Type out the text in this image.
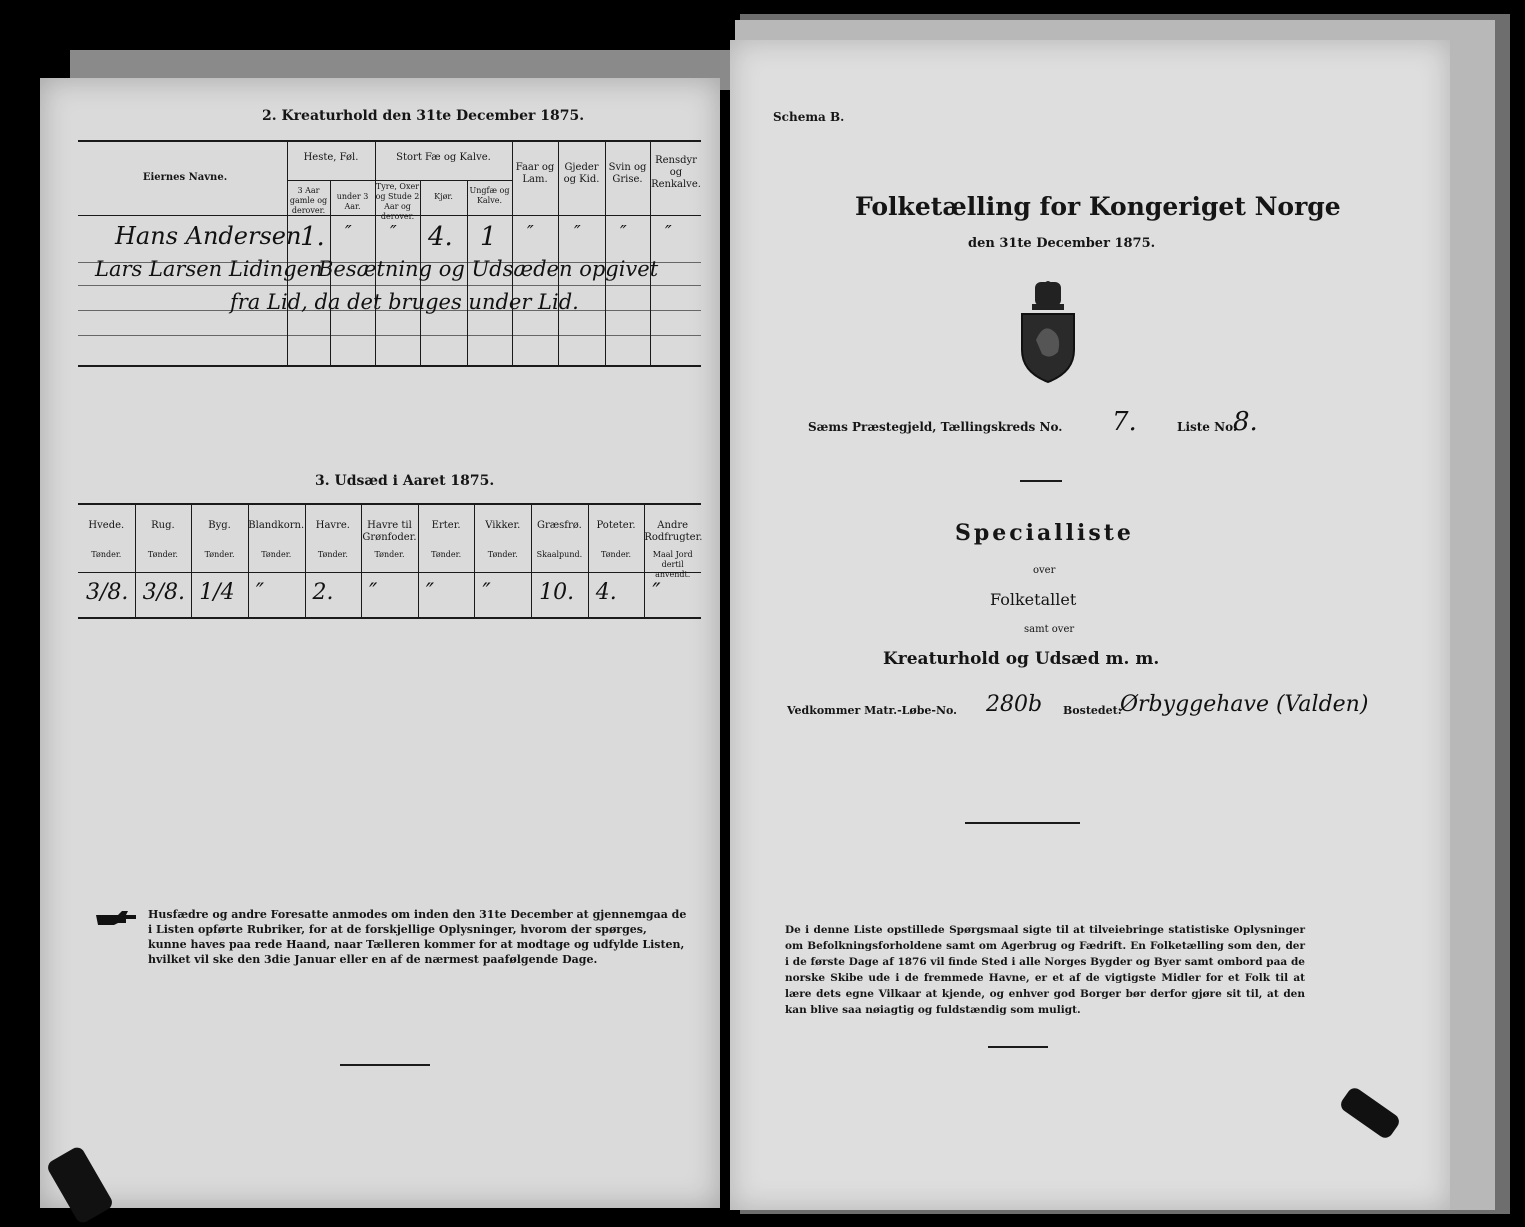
2. Kreaturhold den 31te December 1875.
Eiernes Navne.
Heste, Føl.
3 Aar gamle og derover.
under 3 Aar.
Stort Fæ og Kalve.
Tyre, Oxer og Stude 2 Aar og derover.
Kjør.
Ungfæ og Kalve.
Faar og Lam.
Gjeder og Kid.
Svin og Grise.
Rensdyr og Renkalve.
Hans Andersen
1. ″ ″ 4. 1 ″ ″ ″ ″
Lars Larsen Lidingen
Besætning og Udsæden opgivet
fra Lid, da det bruges under Lid.
3. Udsæd i Aaret 1875.
Hvede.
Tønder.
Rug.
Tønder.
Byg.
Tønder.
Blandkorn.
Tønder.
Havre.
Tønder.
Havre til Grønfoder.
Tønder.
Erter.
Tønder.
Vikker.
Tønder.
Græsfrø.
Skaalpund.
Poteter.
Tønder.
Andre Rodfrugter.
Maal Jord dertil anvendt.
3/8. 3/8. 1/4 ″ 2. ″ ″ ″ 10. 4. ″
Husfædre og andre Foresatte anmodes om inden den 31te December at gjennemgaa de i Listen opførte Rubriker, for at de forskjellige Oplysninger, hvorom der spørges, kunne haves paa rede Haand, naar Tælleren kommer for at modtage og udfylde Listen, hvilket vil ske den 3die Januar eller en af de nærmest paafølgende Dage.
Schema B.
Folketælling for Kongeriget Norge
den 31te December 1875.
Sæms Præstegjeld, Tællingskreds No. 7.	Liste No.
8.
Specialliste
over
Folketallet
samt over
Kreaturhold og Udsæd m. m.
Vedkommer Matr.-Løbe-No. 280b Bostedet:
Ørbyggehave (Valden)
De i denne Liste opstillede Spørgsmaal sigte til at tilveiebringe statistiske Oplysninger om Befolkningsforholdene samt om Agerbrug og Fædrift. En Folketælling som den, der i de første Dage af 1876 vil finde Sted i alle Norges Bygder og Byer samt ombord paa de norske Skibe ude i de fremmede Havne, er et af de vigtigste Midler for et Folk til at lære dets egne Vilkaar at kjende, og enhver god Borger bør derfor gjøre sit til, at den kan blive saa nøiagtig og fuldstændig som muligt.
